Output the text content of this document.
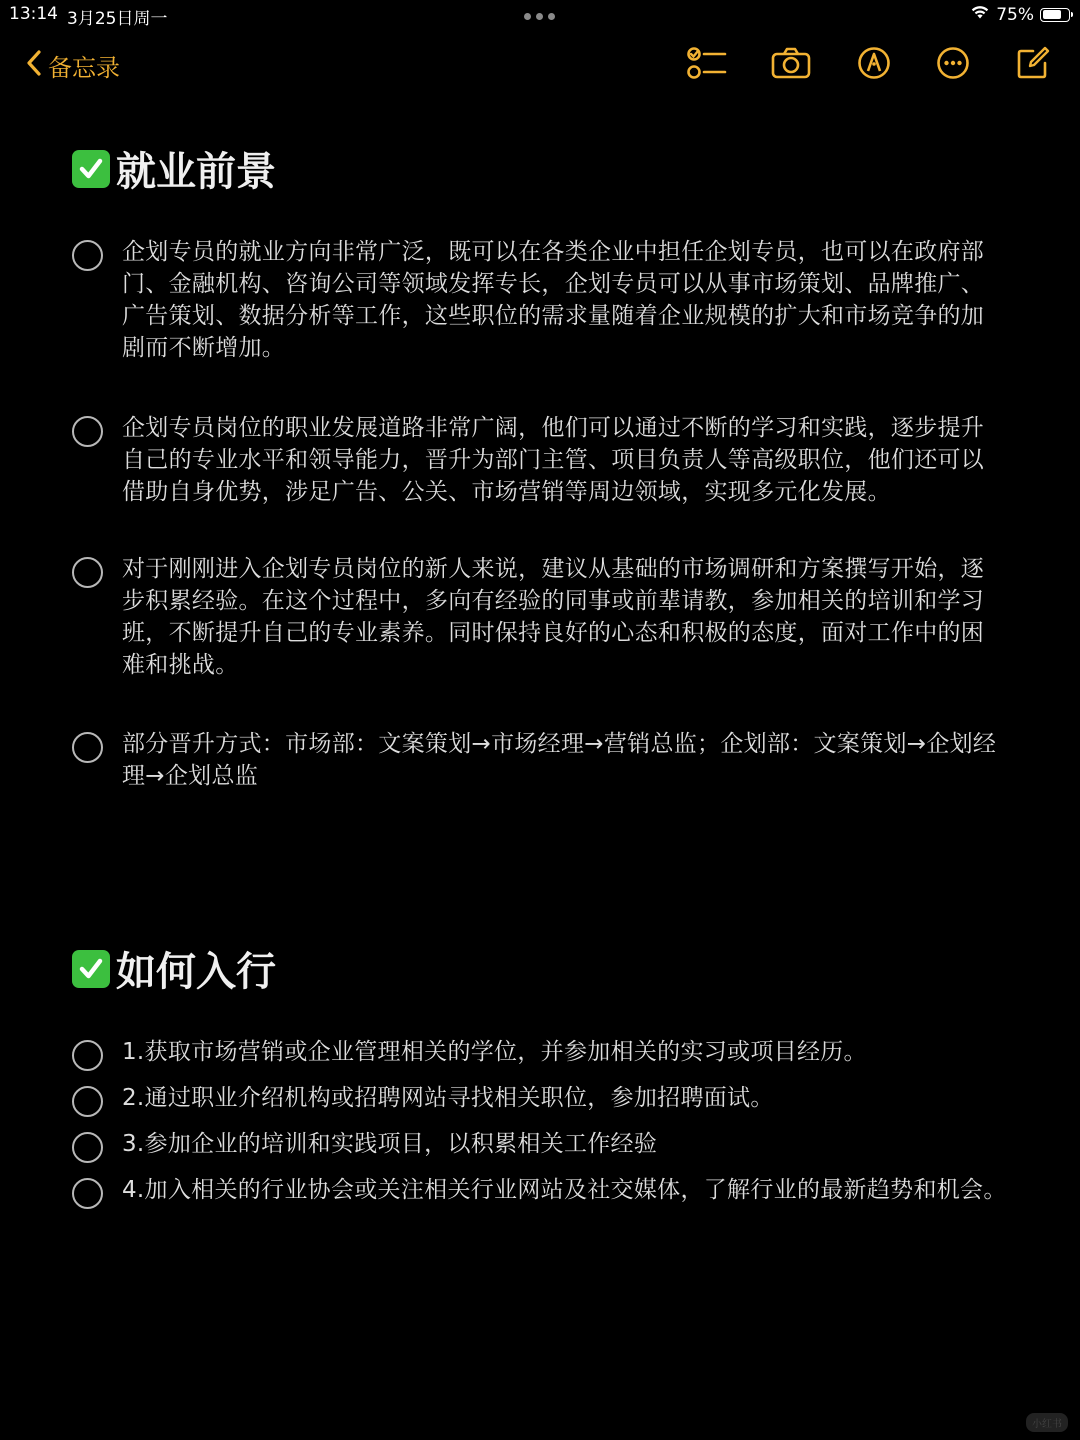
13:14 3月25日周一	75%
备忘录
就业前景
企划专员的就业方向非常广泛，既可以在各类企业中担任企划专员，也可以在政府部门、金融机构、咨询公司等领域发挥专长，企划专员可以从事市场策划、品牌推广、广告策划、数据分析等工作，这些职位的需求量随着企业规模的扩大和市场竞争的加剧而不断增加。
企划专员岗位的职业发展道路非常广阔，他们可以通过不断的学习和实践，逐步提升自己的专业水平和领导能力，晋升为部门主管、项目负责人等高级职位，他们还可以借助自身优势，涉足广告、公关、市场营销等周边领域，实现多元化发展。
对于刚刚进入企划专员岗位的新人来说，建议从基础的市场调研和方案撰写开始，逐步积累经验。在这个过程中，多向有经验的同事或前辈请教，参加相关的培训和学习班，不断提升自己的专业素养。同时保持良好的心态和积极的态度，面对工作中的困难和挑战。
部分晋升方式：市场部：文案策划→市场经理→营销总监；企划部：文案策划→企划经理→企划总监
如何入行
1.获取市场营销或企业管理相关的学位，并参加相关的实习或项目经历。
2.通过职业介绍机构或招聘网站寻找相关职位，参加招聘面试。
3.参加企业的培训和实践项目，以积累相关工作经验
4.加入相关的行业协会或关注相关行业网站及社交媒体，了解行业的最新趋势和机会。
小红书
